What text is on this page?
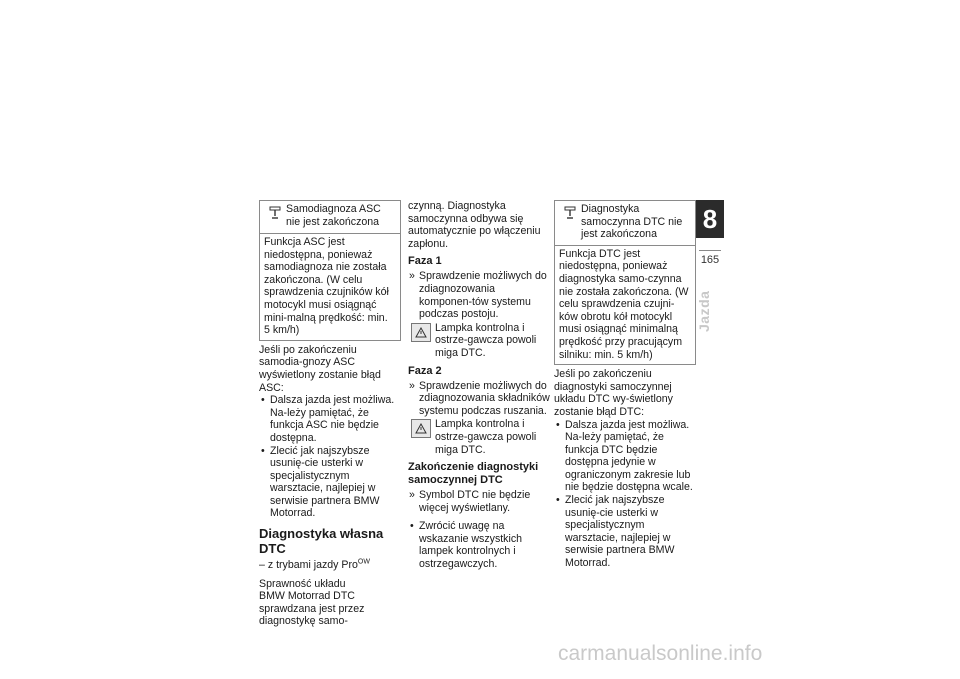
Samodiagnoza ASC nie jest zakończona
Funkcja ASC jest niedostępna, ponieważ samodiagnoza nie została zakończona. (W celu sprawdzenia czujników kół motocykl musi osiągnąć mini-malną prędkość: min. 5 km/h)

Jeśli po zakończeniu samodia-gnozy ASC wyświetlony zostanie błąd ASC:

• Dalsza jazda jest możliwa. Na-leży pamiętać, że funkcja ASC nie będzie dostępna.
• Zlecić jak najszybsze usunię-cie usterki w specjalistycznym warsztacie, najlepiej w serwisie partnera BMW Motorrad.
Diagnostyka własna DTC

– z trybami jazdy Pro$^{OW}$

Sprawność układu

BMW Motorrad DTC sprawdzana jest przez diagnostykę samo-

czynną. Diagnostyka samoczynna odbywa się automatycznie po włączeniu zapłonu.

Faza 1
» Sprawdzenie możliwych do zdiagnozowania komponen-tów systemu podczas postoju.
Lampka kontrolna i ostrze-gawcza powoli miga DTC.
Faza 2
» Sprawdzenie możliwych do zdiagnozowania składników systemu podczas ruszania.
Lampka kontrolna i ostrze-gawcza powoli miga DTC.
Zakończenie diagnostyki samoczynnej DTC
» Symbol DTC nie będzie więcej wyświetlany.
• Zwrócić uwagę na wskazanie wszystkich lampek kontrolnych i ostrzegawczych.
Diagnostyka samoczynna DTC nie jest zakończona
Funkcja DTC jest niedostępna, ponieważ diagnostyka samo-czynna nie została zakończona. (W celu sprawdzenia czujni-ków obrotu kół motocykl musi osiągnąć minimalną prędkość przy pracującym silniku: min. 5 km/h)

Jeśli po zakończeniu diagnostyki samoczynnej układu DTC wy-świetlony zostanie błąd DTC:

• Dalsza jazda jest możliwa. Na-leży pamiętać, że funkcja DTC będzie dostępna jedynie w ograniczonym zakresie lub nie będzie dostępna wcale.
• Zlecić jak najszybsze usunię-cie usterki w specjalistycznym warsztacie, najlepiej w serwisie partnera BMW Motorrad.
8
165
Jazda
carmanualsonline.info
